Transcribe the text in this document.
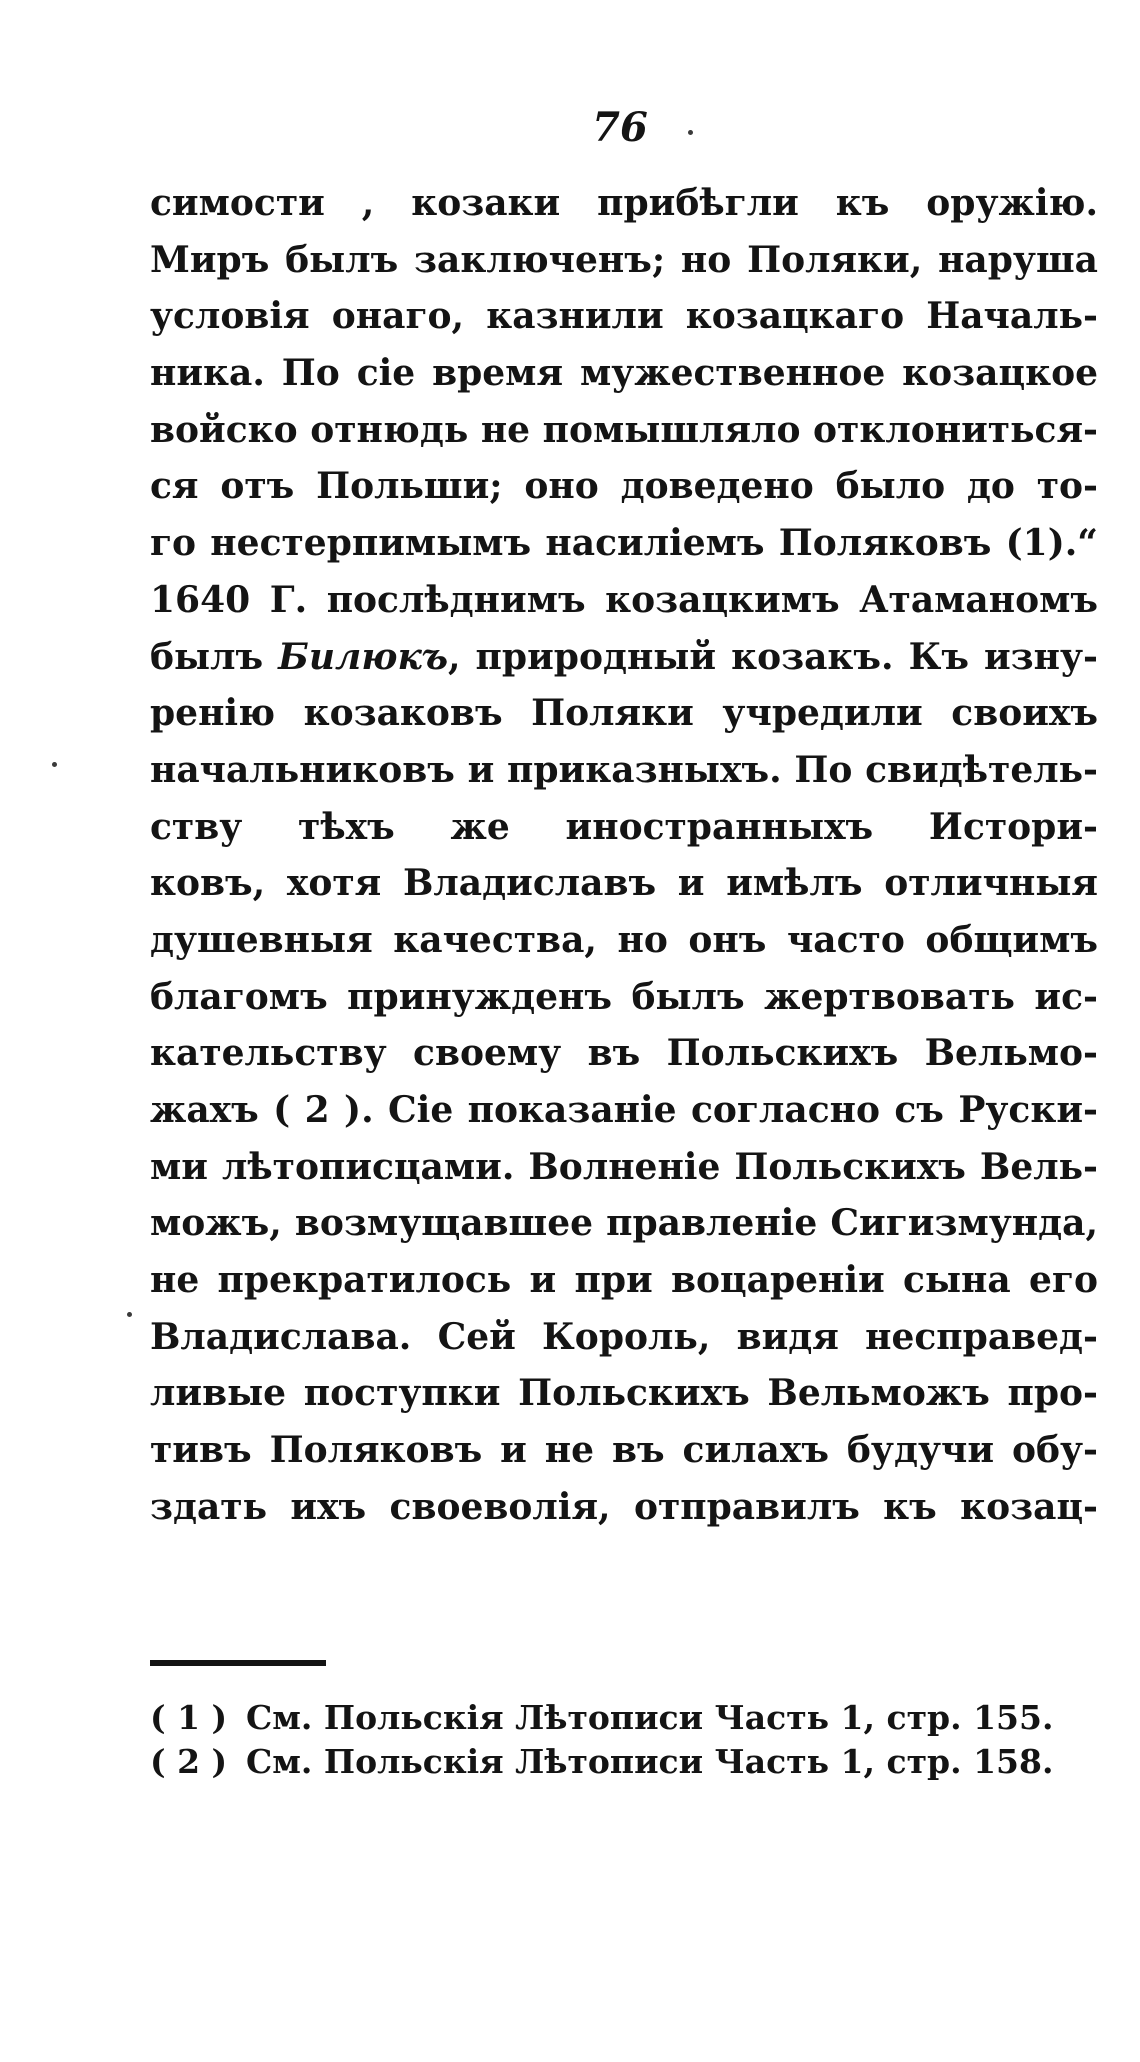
76
симости , козаки прибѣгли къ оружію.
Миръ былъ заключенъ; но Поляки, наруша
условія онаго, казнили козацкаго Началь-
ника. По сіе время мужественное козацкое
войско отнюдь не помышляло отклониться-
ся отъ Польши; оно доведено было до то-
го нестерпимымъ насиліемъ Поляковъ (1).“
1640 Г. послѣднимъ козацкимъ Атаманомъ
былъ Билюкъ, природный козакъ. Къ изну-
ренію козаковъ Поляки учредили своихъ
начальниковъ и приказныхъ. По свидѣтель-
ству тѣхъ же иностранныхъ Истори-
ковъ, хотя Владиславъ и имѣлъ отличныя
душевныя качества, но онъ часто общимъ
благомъ принужденъ былъ жертвовать ис-
кательству своему въ Польскихъ Вельмо-
жахъ ( 2 ). Сіе показаніе согласно съ Руски-
ми лѣтописцами. Волненіе Польскихъ Вель-
можъ, возмущавшее правленіе Сигизмунда,
не прекратилось и при воцареніи сына его
Владислава. Сей Король, видя несправед-
ливые поступки Польскихъ Вельможъ про-
тивъ Поляковъ и не въ силахъ будучи обу-
здать ихъ своеволія, отправилъ къ козац-
( 1 ) См. Польскія Лѣтописи Часть 1, стр. 155.
( 2 ) См. Польскія Лѣтописи Часть 1, стр. 158.
